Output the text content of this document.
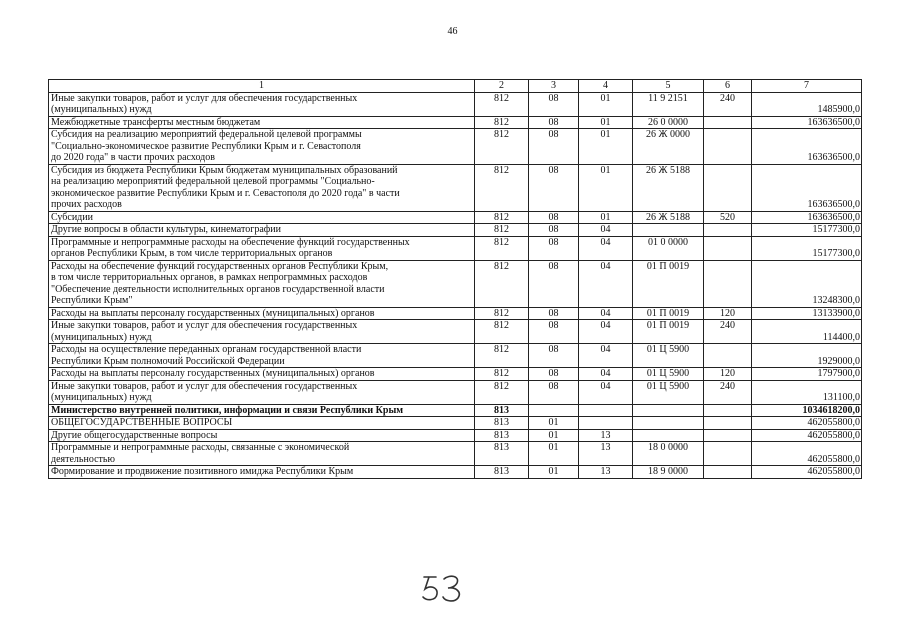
46
1	2	3	4	5	6	7

Иные закупки товаров, работ и услуг для обеспечения государственных
(муниципальных) нужд	812	08	01	11 9 2151	240	1485900,0

Межбюджетные трансферты местным бюджетам	812	08	01	26 0 0000		163636500,0

Субсидия на реализацию мероприятий федеральной целевой программы
"Социально-экономическое развитие Республики Крым и г. Севастополя
до 2020 года" в части прочих расходов	812	08	01	26 Ж 0000		163636500,0

Субсидия из бюджета Республики Крым бюджетам муниципальных образований
на реализацию мероприятий федеральной целевой программы "Социально-
экономическое развитие Республики Крым и г. Севастополя до 2020 года" в части
прочих расходов	812	08	01	26 Ж 5188		163636500,0

Субсидии	812	08	01	26 Ж 5188	520	163636500,0

Другие вопросы в области культуры, кинематографии	812	08	04			15177300,0

Программные и непрограммные расходы на обеспечение функций государственных
органов Республики Крым, в том числе территориальных органов	812	08	04	01 0 0000		15177300,0

Расходы на обеспечение функций государственных органов Республики Крым,
в том числе территориальных органов, в рамках непрограммных расходов
"Обеспечение деятельности исполнительных органов государственной власти
Республики Крым"	812	08	04	01 П 0019		13248300,0

Расходы на выплаты персоналу государственных (муниципальных) органов	812	08	04	01 П 0019	120	13133900,0

Иные закупки товаров, работ и услуг для обеспечения государственных
(муниципальных) нужд	812	08	04	01 П 0019	240	114400,0

Расходы на осуществление переданных органам государственной власти
Республики Крым полномочий Российской Федерации	812	08	04	01 Ц 5900		1929000,0

Расходы на выплаты персоналу государственных (муниципальных) органов	812	08	04	01 Ц 5900	120	1797900,0

Иные закупки товаров, работ и услуг для обеспечения государственных
(муниципальных) нужд	812	08	04	01 Ц 5900	240	131100,0

Министерство внутренней политики, информации и связи Республики Крым	813					1034618200,0

ОБЩЕГОСУДАРСТВЕННЫЕ ВОПРОСЫ	813	01				462055800,0

Другие общегосударственные вопросы	813	01	13			462055800,0

Программные и непрограммные расходы, связанные с экономической
деятельностью	813	01	13	18 0 0000		462055800,0

Формирование и продвижение позитивного имиджа Республики Крым	813	01	13	18 9 0000		462055800,0
